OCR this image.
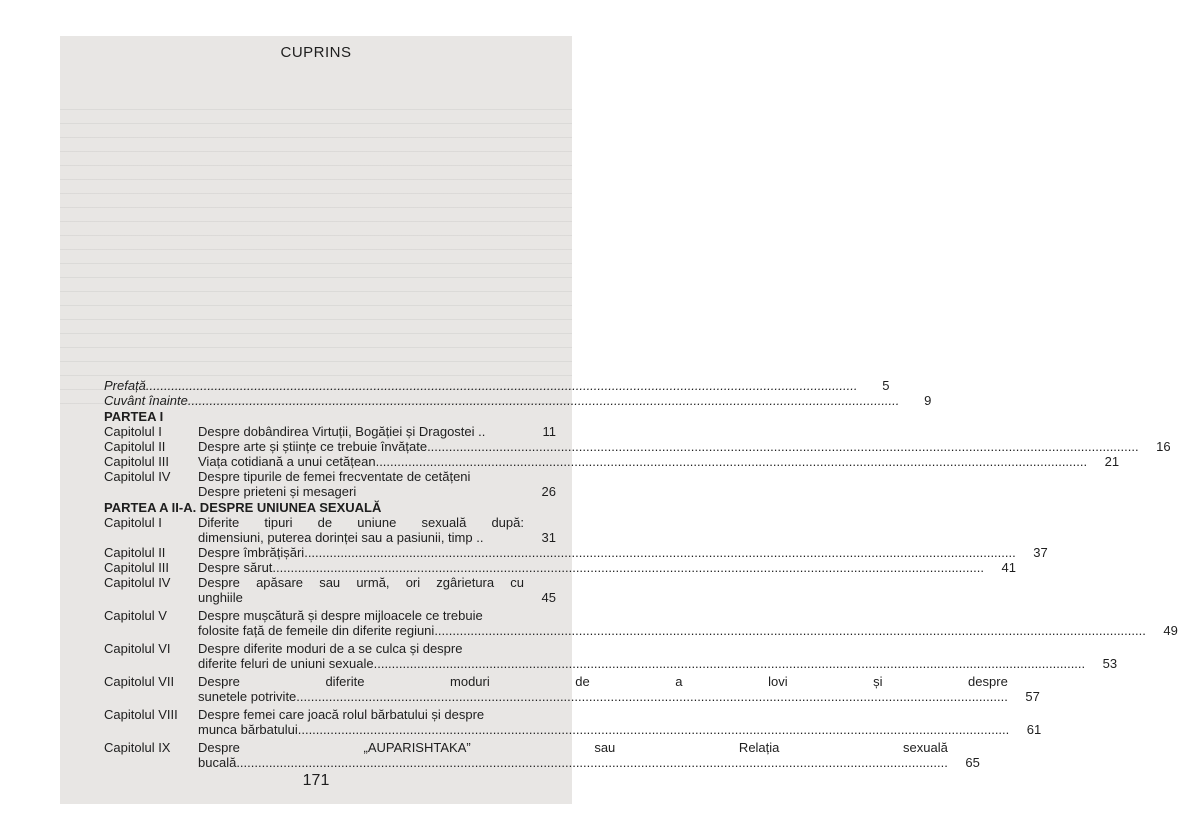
CUPRINS
Prefață .....	5
Cuvânt înainte .....	9
PARTEA I
Capitolul I	Despre dobândirea Virtuții, Bogăției și Dragostei ..	11
Capitolul II	Despre arte și științe ce trebuie învățate .....	16
Capitolul III	Viața cotidiană a unui cetățean .....	21
Capitolul IV	Despre tipurile de femei frecventate de cetățeni
Despre prieteni și mesageri	26
PARTEA A II-A. DESPRE UNIUNEA SEXUALĂ
Capitolul I	Diferite tipuri de uniune sexuală după:
dimensiuni, puterea dorinței sau a pasiunii, timp ..	31
Capitolul II	Despre îmbrățișări .....	37
Capitolul III	Despre sărut .....	41
Capitolul IV	Despre apăsare sau urmă, ori zgârietura cu
unghiile	45
Capitolul V	Despre mușcătură și despre mijloacele ce trebuie
folosite față de femeile din diferite regiuni .....	49
Capitolul VI	Despre diferite moduri de a se culca și despre
diferite feluri de uniuni sexuale .....	53
Capitolul VII	Despre diferite moduri de a lovi și despre
sunetele potrivite .....	57
Capitolul VIII	Despre femei care joacă rolul bărbatului și despre
munca bărbatului .....	61
Capitolul IX	Despre „AUPARISHTAKA” sau Relația sexuală
bucală .....	65
171
